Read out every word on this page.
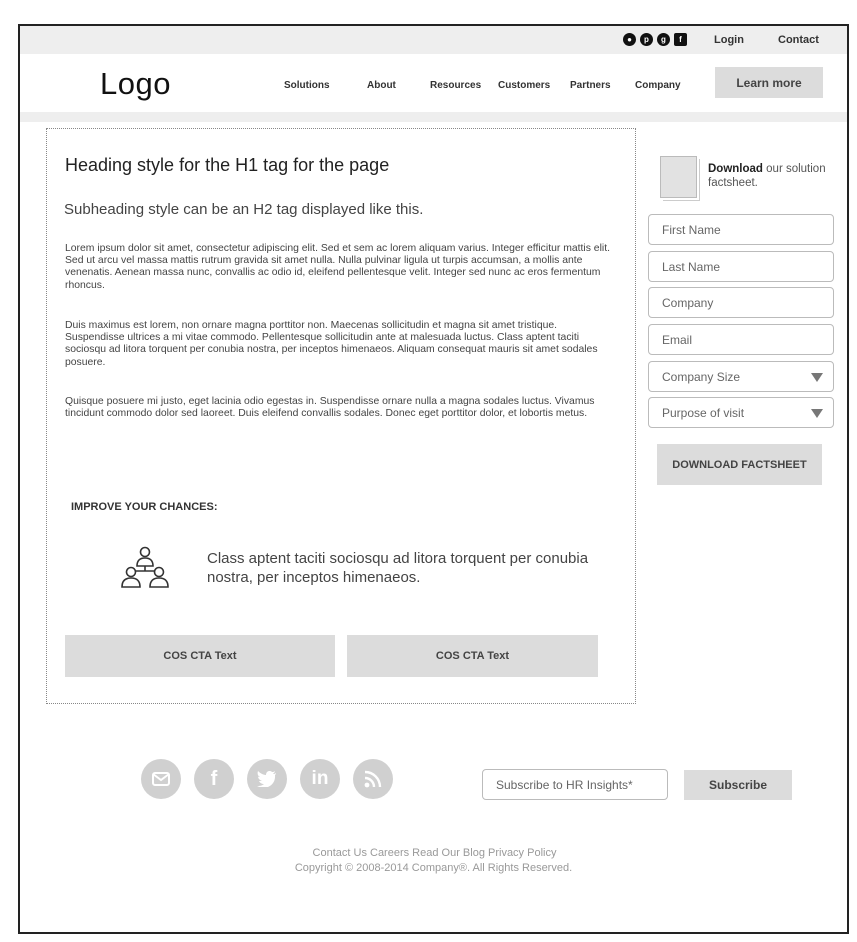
●	p	g	f	Login	Contact
Logo	Solutions	About	Resources Customers Partners Company	Learn more
Heading style for the H1 tag for the page
Subheading style can be an H2 tag displayed like this.

Lorem ipsum dolor sit amet, consectetur adipiscing elit. Sed et sem ac lorem aliquam varius. Integer efficitur mattis elit. Sed ut arcu vel massa mattis rutrum gravida sit amet nulla. Nulla pulvinar ligula ut turpis accumsan, a mollis ante venenatis. Aenean massa nunc, convallis ac odio id, eleifend pellentesque velit. Integer sed nunc ac eros fermentum rhoncus.

Duis maximus est lorem, non ornare magna porttitor non. Maecenas sollicitudin et magna sit amet tristique. Suspendisse ultrices a mi vitae commodo. Pellentesque sollicitudin ante at malesuada luctus. Class aptent taciti sociosqu ad litora torquent per conubia nostra, per inceptos himenaeos. Aliquam consequat mauris sit amet sodales posuere.

Quisque posuere mi justo, eget lacinia odio egestas in. Suspendisse ornare nulla a magna sodales luctus. Vivamus tincidunt commodo dolor sed laoreet. Duis eleifend convallis sodales. Donec eget porttitor dolor, et lobortis metus.

IMPROVE YOUR CHANCES:
Class aptent taciti sociosqu ad litora torquent per conubia nostra, per inceptos himenaeos.
COS CTA Text	COS CTA Text
Download our solution factsheet.
First Name
Last Name
Company
Email
Company Size
Purpose of visit
DOWNLOAD FACTSHEET
f	in	Subscribe to HR Insights*	Subscribe
Contact Us Careers Read Our Blog Privacy Policy
Copyright © 2008-2014 Company®. All Rights Reserved.
